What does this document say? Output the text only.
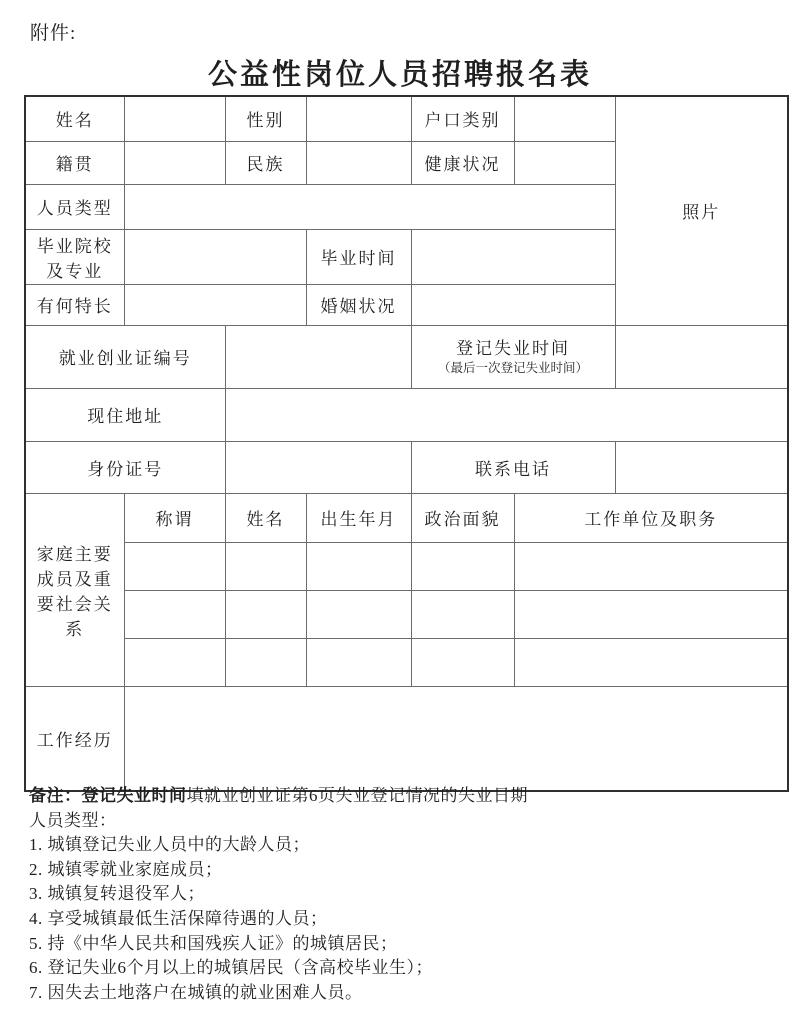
附件:
公益性岗位人员招聘报名表
姓名		性别		户口类别		照片
籍贯		民族		健康状况		
人员类型						
毕业院校及专业			毕业时间			
有何特长			婚姻状况			
就业创业证编号				登记失业时间
（最后一次登记失业时间）		

现住地址						
身份证号				联系电话		
家庭主要成员及重要社会关系	称谓	姓名	出生年月	政治面貌	工作单位及职务	

工作经历						
备注：登记失业时间填就业创业证第6页失业登记情况的失业日期
人员类型：
1. 城镇登记失业人员中的大龄人员；
2. 城镇零就业家庭成员；
3. 城镇复转退役军人；
4. 享受城镇最低生活保障待遇的人员；
5. 持《中华人民共和国残疾人证》的城镇居民；
6. 登记失业6个月以上的城镇居民（含高校毕业生）；
7. 因失去土地落户在城镇的就业困难人员。
